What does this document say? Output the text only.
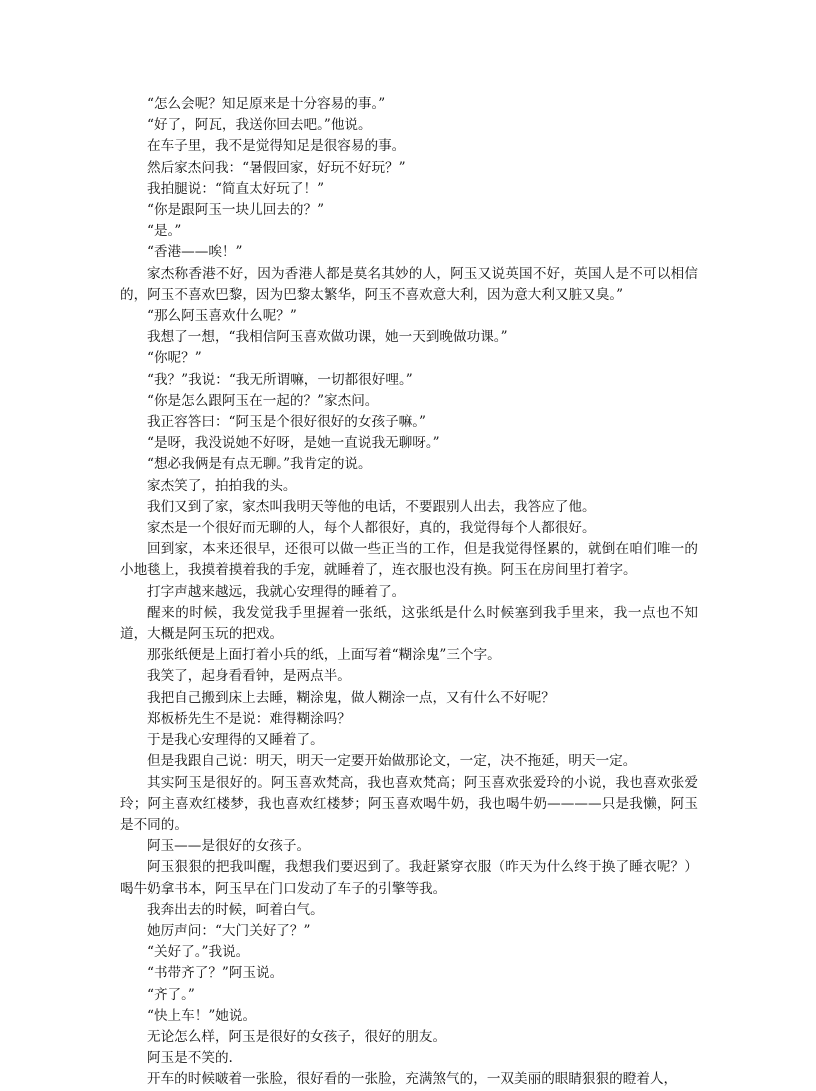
“怎么会呢？知足原来是十分容易的事。”

“好了，阿瓦，我送你回去吧。”他说。

在车子里，我不是觉得知足是很容易的事。

然后家杰问我：“暑假回家，好玩不好玩？”

我拍腿说：“简直太好玩了！”

“你是跟阿玉一块儿回去的？”

“是。”

“香港——唉！”

家杰称香港不好，因为香港人都是莫名其妙的人，阿玉又说英国不好，英国人是不可以相信的，阿玉不喜欢巴黎，因为巴黎太繁华，阿玉不喜欢意大利，因为意大利又脏又臭。”

“那么阿玉喜欢什么呢？”

我想了一想，“我相信阿玉喜欢做功课，她一天到晚做功课。”

“你呢？”

“我？”我说：“我无所谓嘛，一切都很好哩。”

“你是怎么跟阿玉在一起的？”家杰问。

我正容答曰：“阿玉是个很好很好的女孩子嘛。”

“是呀，我没说她不好呀，是她一直说我无聊呀。”

“想必我俩是有点无聊。”我肯定的说。

家杰笑了，拍拍我的头。

我们又到了家，家杰叫我明天等他的电话，不要跟别人出去，我答应了他。

家杰是一个很好而无聊的人，每个人都很好，真的，我觉得每个人都很好。

回到家，本来还很早，还很可以做一些正当的工作，但是我觉得怪累的，就倒在咱们唯一的小地毯上，我摸着摸着我的手宠，就睡着了，连衣服也没有换。阿玉在房间里打着字。

打字声越来越远，我就心安理得的睡着了。

醒来的时候，我发觉我手里握着一张纸，这张纸是什么时候塞到我手里来，我一点也不知道，大概是阿玉玩的把戏。

那张纸便是上面打着小兵的纸，上面写着“糊涂鬼”三个字。

我笑了，起身看看钟，是两点半。

我把自己搬到床上去睡，糊涂鬼，做人糊涂一点，又有什么不好呢？

郑板桥先生不是说：难得糊涂吗？

于是我心安理得的又睡着了。

但是我跟自己说：明天，明天一定要开始做那论文，一定，决不拖延，明天一定。

其实阿玉是很好的。阿玉喜欢梵高，我也喜欢梵高；阿玉喜欢张爱玲的小说，我也喜欢张爱玲；阿主喜欢红楼梦，我也喜欢红楼梦；阿玉喜欢喝牛奶，我也喝牛奶————只是我懒，阿玉是不同的。

阿玉——是很好的女孩子。

阿玉狠狠的把我叫醒，我想我们要迟到了。我赶紧穿衣服（昨天为什么终于换了睡衣呢？）喝牛奶拿书本，阿玉早在门口发动了车子的引擎等我。

我奔出去的时候，呵着白气。

她厉声问：“大门关好了？”

“关好了。”我说。

“书带齐了？”阿玉说。

“齐了。”

“快上车！”她说。

无论怎么样，阿玉是很好的女孩子，很好的朋友。

阿玉是不笑的.

开车的时候啵着一张脸，很好看的一张脸，充满煞气的，一双美丽的眼睛狠狠的瞪着人，
